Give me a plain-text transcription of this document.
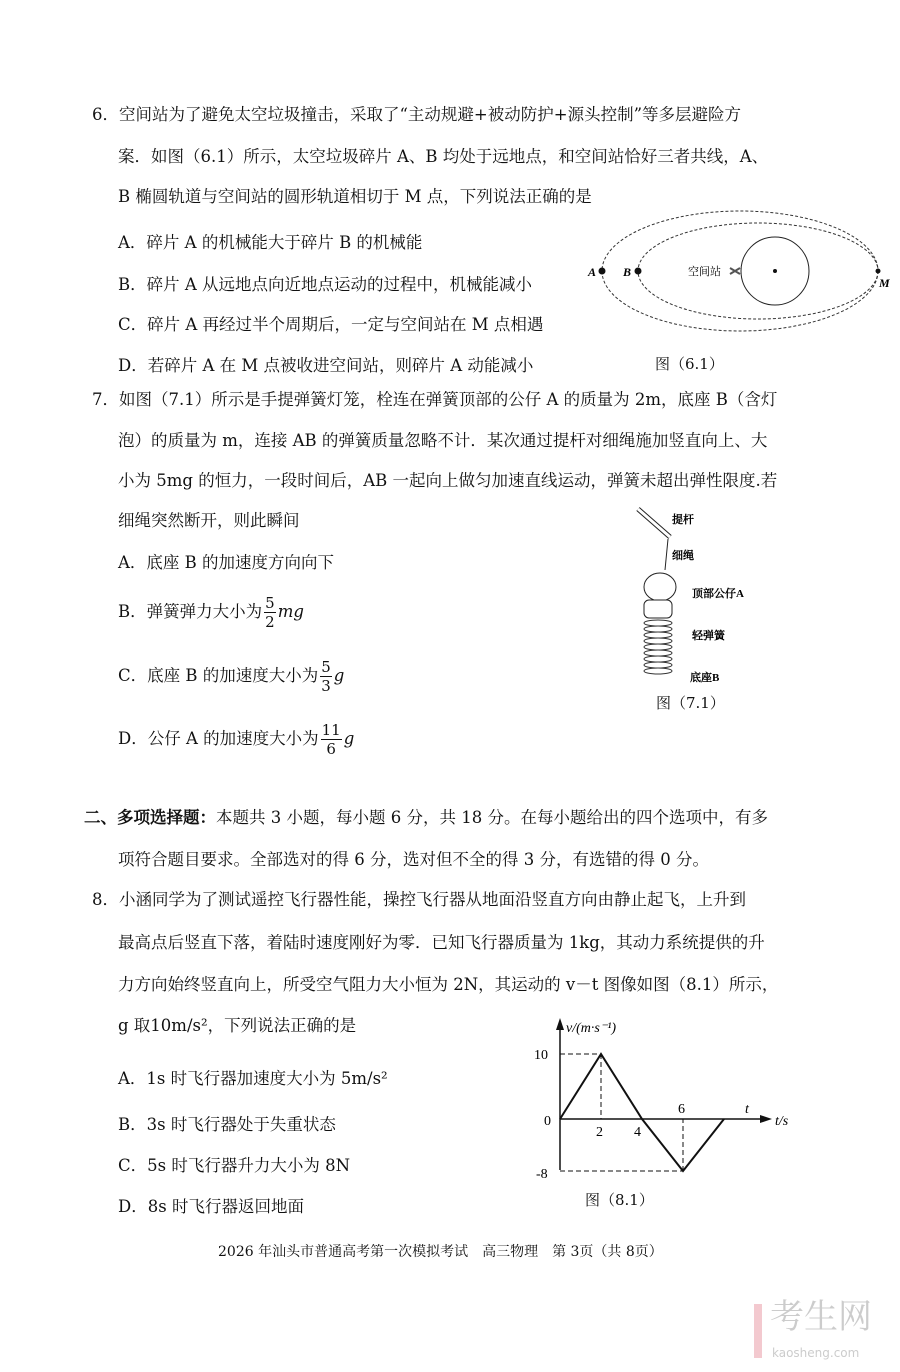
6．空间站为了避免太空垃圾撞击，采取了“主动规避+被动防护+源头控制”等多层避险方
案．如图（6.1）所示，太空垃圾碎片 A、B 均处于远地点，和空间站恰好三者共线，A、
B 椭圆轨道与空间站的圆形轨道相切于 M 点，下列说法正确的是
A．碎片 A 的机械能大于碎片 B 的机械能
B．碎片 A 从远地点向近地点运动的过程中，机械能减小
C．碎片 A 再经过半个周期后，一定与空间站在 M 点相遇
D．若碎片 A 在 M 点被收进空间站，则碎片 A 动能减小
A B	空间站
M
图（6.1）
7．如图（7.1）所示是手提弹簧灯笼，栓连在弹簧顶部的公仔 A 的质量为 2m，底座 B（含灯
泡）的质量为 m，连接 AB 的弹簧质量忽略不计．某次通过提杆对细绳施加竖直向上、大
小为 5mg 的恒力，一段时间后，AB 一起向上做匀加速直线运动，弹簧未超出弹性限度.若
细绳突然断开，则此瞬间
A．底座 B 的加速度方向向下
B．弹簧弹力大小为 $\frac{5}{2}$ mg
C．底座 B 的加速度大小为 $\frac{5}{3}$ g
D．公仔 A 的加速度大小为 $\frac{11}{6}$ g
提杆
细绳
顶部公仔A
轻弹簧
底座B
图（7.1）
二、多项选择题：本题共 3 小题，每小题 6 分，共 18 分。在每小题给出的四个选项中，有多
项符合题目要求。全部选对的得 6 分，选对但不全的得 3 分，有选错的得 0 分。
8．小涵同学为了测试遥控飞行器性能，操控飞行器从地面沿竖直方向由静止起飞，上升到
最高点后竖直下落，着陆时速度刚好为零．已知飞行器质量为 1kg，其动力系统提供的升
力方向始终竖直向上，所受空气阻力大小恒为 2N，其运动的 v－t 图像如图（8.1）所示，
g 取10m/s²，下列说法正确的是
A．1s 时飞行器加速度大小为 5m/s²
B．3s 时飞行器处于失重状态
C．5s 时飞行器升力大小为 8N
D．8s 时飞行器返回地面
v/(m·s⁻¹)
t/s
10
0
-8
2 4
6	t
图（8.1）
2026 年汕头市普通高考第一次模拟考试　高三物理　第 3页（共 8页）
考生网
kaosheng.com
